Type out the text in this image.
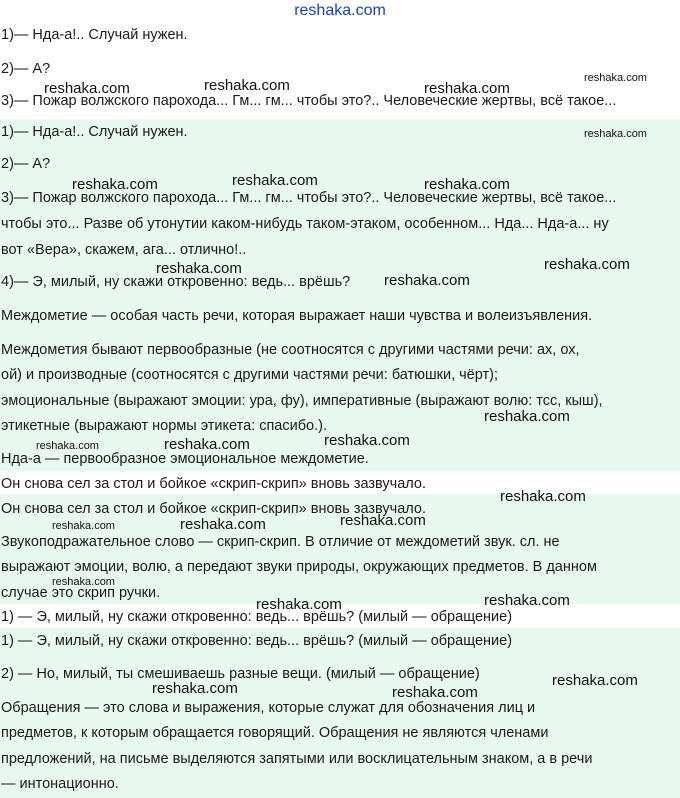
reshaka.com
1)— Нда-а!.. Случай нужен.
2)— А?
3)— Пожар волжского парохода... Гм... гм... чтобы это?.. Человеческие жертвы, всё такое...
1)— Нда-а!.. Случай нужен.
2)— А?
3)— Пожар волжского парохода... Гм... гм... чтобы это?.. Человеческие жертвы, всё такое...
чтобы это... Разве об утонутии каком-нибудь таком-этаком, особенном... Нда... Нда-а... ну
вот «Вера», скажем, ага... отлично!..
4)— Э, милый, ну скажи откровенно: ведь... врёшь?
Междометие — особая часть речи, которая выражает наши чувства и волеизъявления.
Междометия бывают первообразные (не соотносятся с другими частями речи: ах, ох,
ой) и производные (соотносятся с другими частями речи: батюшки, чёрт);
эмоциональные (выражают эмоции: ура, фу), императивные (выражают волю: тсс, кыш),
этикетные (выражают нормы этикета: спасибо.).
Нда-а — первообразное эмоциональное междометие.
Он снова сел за стол и бойкое «скрип-скрип» вновь зазвучало.
Он снова сел за стол и бойкое «скрип-скрип» вновь зазвучало.
Звукоподражательное слово — скрип-скрип. В отличие от междометий звук. сл. не
выражают эмоции, волю, а передают звуки природы, окружающих предметов. В данном
случае это скрип ручки.
1) — Э, милый, ну скажи откровенно: ведь... врёшь? (милый — обращение)
1) — Э, милый, ну скажи откровенно: ведь... врёшь? (милый — обращение)
2) — Но, милый, ты смешиваешь разные вещи. (милый — обращение)
Обращения — это слова и выражения, которые служат для обозначения лиц и
предметов, к которым обращается говорящий. Обращения не являются членами
предложений, на письме выделяются запятыми или восклицательным знаком, а в речи
— интонационно.
reshaka.com	reshaka.com	reshaka.com
reshaka.com
reshaka.com
reshaka.com	reshaka.com	reshaka.com
reshaka.com
reshaka.com
reshaka.com
reshaka.com
reshaka.com	reshaka.com	reshaka.com
reshaka.com
reshaka.com	reshaka.com	reshaka.com
reshaka.com
reshaka.com	reshaka.com
reshaka.com	reshaka.com
reshaka.com
